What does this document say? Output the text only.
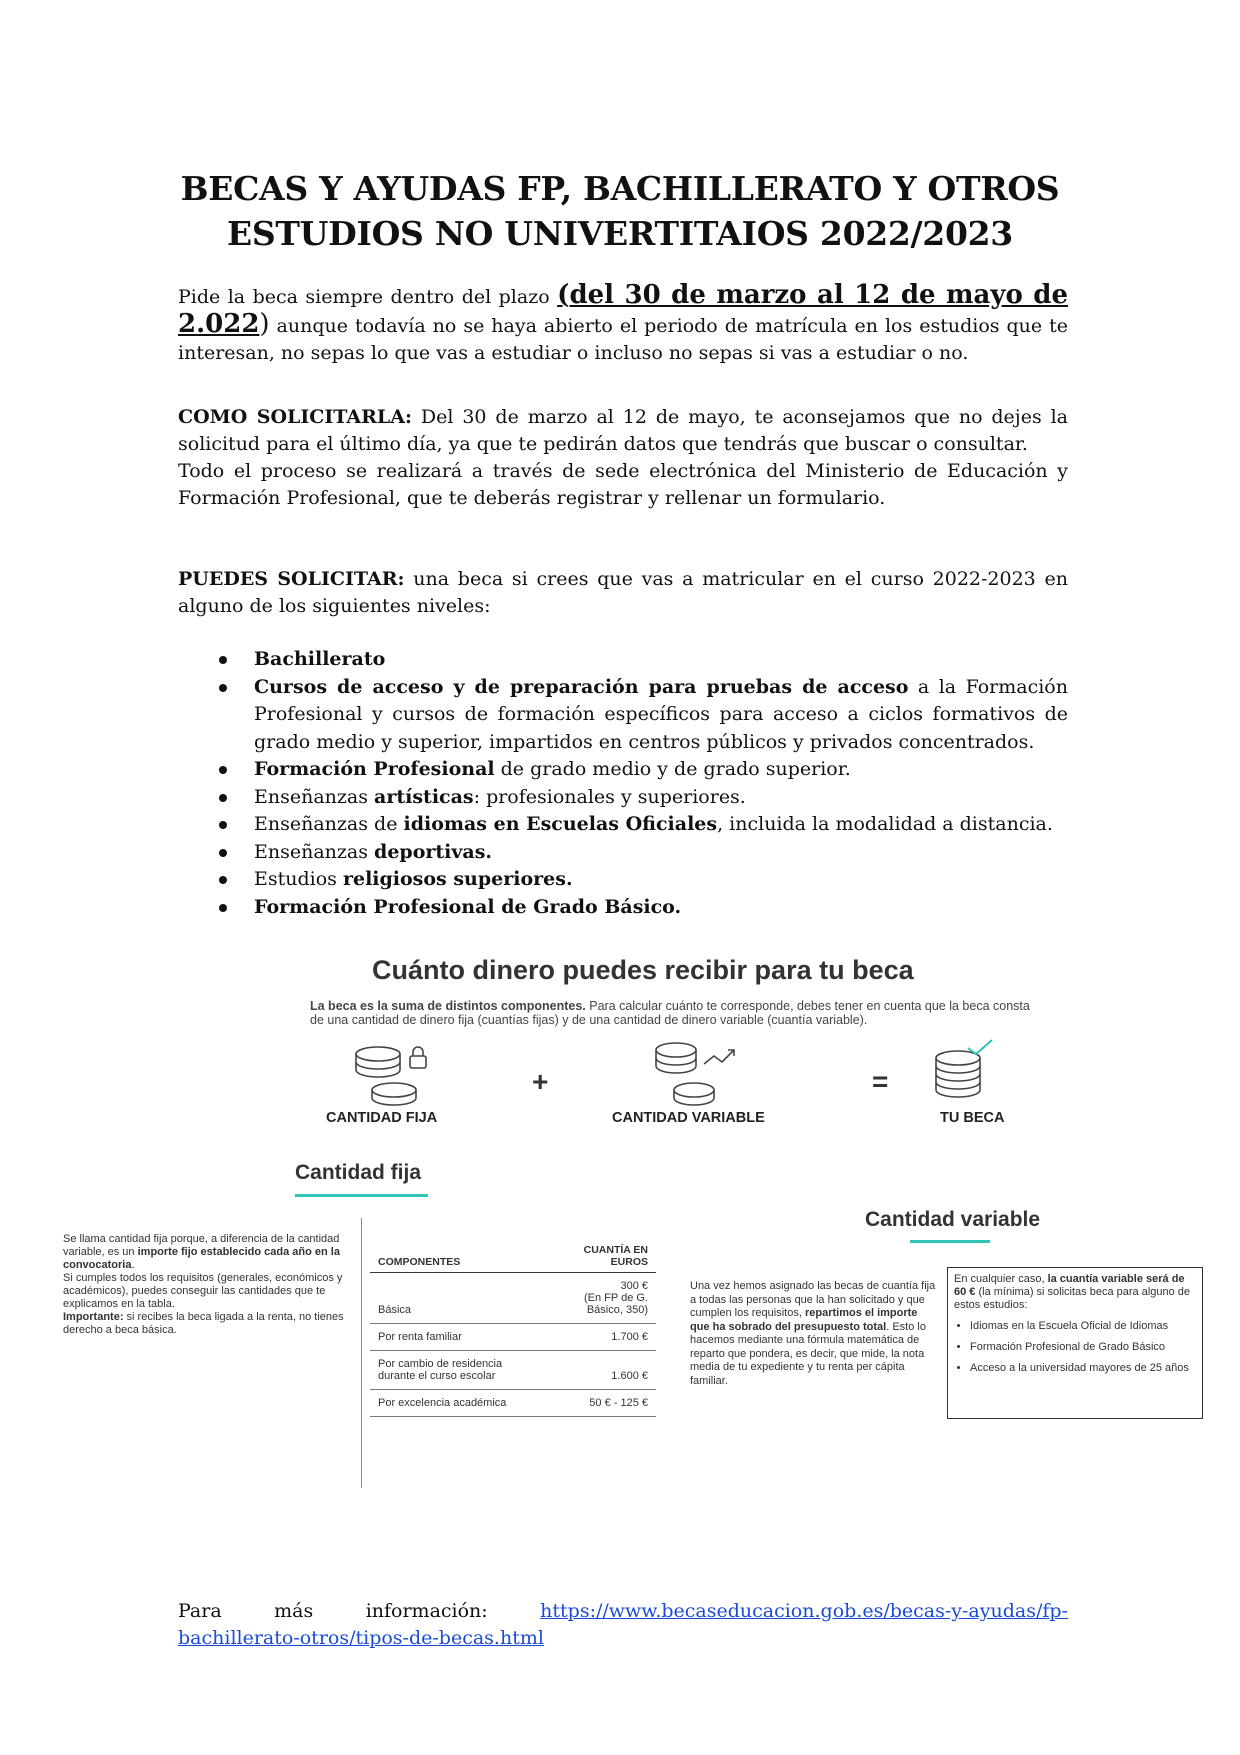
BECAS Y AYUDAS FP, BACHILLERATO Y OTROS
ESTUDIOS NO UNIVERTITAIOS 2022/2023
Pide la beca siempre dentro del plazo (del 30 de marzo al 12 de mayo de 2.022) aunque todavía no se haya abierto el periodo de matrícula en los estudios que te interesan, no sepas lo que vas a estudiar o incluso no sepas si vas a estudiar o no.
COMO SOLICITARLA: Del 30 de marzo al 12 de mayo, te aconsejamos que no dejes la solicitud para el último día, ya que te pedirán datos que tendrás que buscar o consultar.
Todo el proceso se realizará a través de sede electrónica del Ministerio de Educación y Formación Profesional, que te deberás registrar y rellenar un formulario.
PUEDES SOLICITAR: una beca si crees que vas a matricular en el curso 2022-2023 en alguno de los siguientes niveles:
Bachillerato
Cursos de acceso y de preparación para pruebas de acceso a la Formación Profesional y cursos de formación específicos para acceso a ciclos formativos de grado medio y superior, impartidos en centros públicos y privados concentrados.
Formación Profesional de grado medio y de grado superior.
Enseñanzas artísticas: profesionales y superiores.
Enseñanzas de idiomas en Escuelas Oficiales, incluida la modalidad a distancia.
Enseñanzas deportivas.
Estudios religiosos superiores.
Formación Profesional de Grado Básico.
Cuánto dinero puedes recibir para tu beca
La beca es la suma de distintos componentes. Para calcular cuánto te corresponde, debes tener en cuenta que la beca consta de una cantidad de dinero fija (cuantías fijas) y de una cantidad de dinero variable (cuantía variable).
CANTIDAD FIJA
+
CANTIDAD VARIABLE
=
TU BECA
Cantidad fija
Se llama cantidad fija porque, a diferencia de la cantidad variable, es un importe fijo establecido cada año en la convocatoria.
Si cumples todos los requisitos (generales, económicos y académicos), puedes conseguir las cantidades que te explicamos en la tabla.
Importante: si recibes la beca ligada a la renta, no tienes derecho a beca básica.
COMPONENTES	CUANTÍA EN EUROS
Básica	300 €
(En FP de G. Básico, 350)

Por renta familiar	1.700 €
Por cambio de residencia durante el curso escolar	1.600 €
Por excelencia académica	50 € - 125 €
Cantidad variable
Una vez hemos asignado las becas de cuantía fija a todas las personas que la han solicitado y que cumplen los requisitos, repartimos el importe que ha sobrado del presupuesto total. Esto lo hacemos mediante una fórmula matemática de reparto que pondera, es decir, que mide, la nota media de tu expediente y tu renta per cápita familiar.
En cualquier caso, la cuantía variable será de 60 € (la mínima) si solicitas beca para alguno de estos estudios:
• Idiomas en la Escuela Oficial de Idiomas
• Formación Profesional de Grado Básico
• Acceso a la universidad mayores de 25 años
Para	más	información:	https://www.becaseducacion.gob.es/becas-y-ayudas/fp-
bachillerato-otros/tipos-de-becas.html
